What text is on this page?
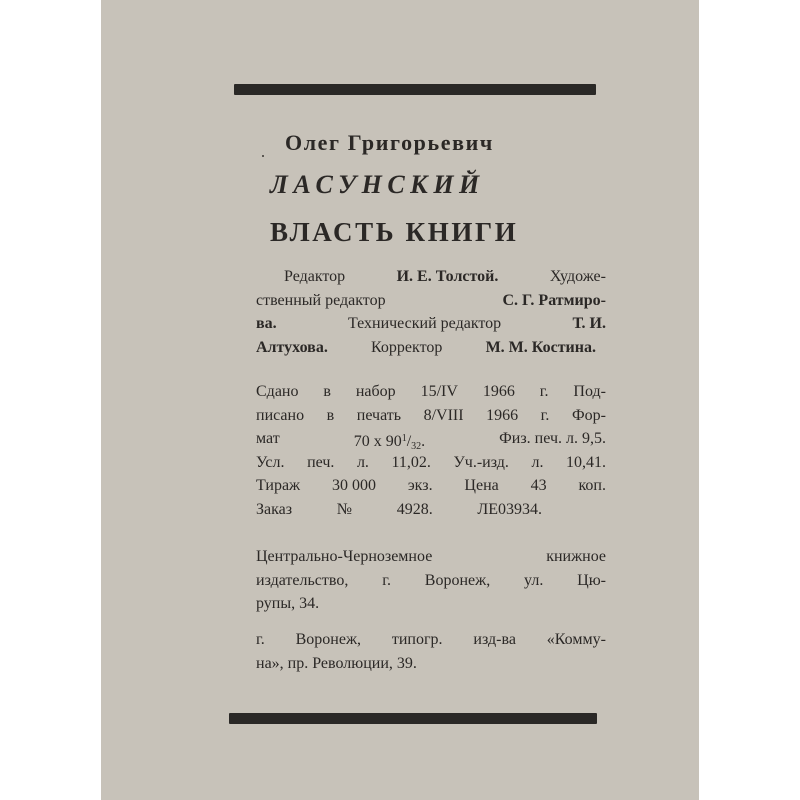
Олег Григорьевич
ЛАСУНСКИЙ
ВЛАСТЬ КНИГИ
Редактор	И. Е. Толстой.	Художе-
ственный редактор	С. Г. Ратмиро-
ва.	Технический редактор	Т. И.
Алтухова.	Корректор	М. М. Костина.
Сдано в набор 15/IV 1966 г. Под-
писано в печать 8/VIII 1966 г. Фор-
мат	70 x $90^1/_{32}$.	Физ. печ. л. 9,5.
Усл. печ. л. 11,02. Уч.-изд. л. 10,41.
Тираж 30 000 экз. Цена 43 коп.
Заказ	№	4928.	ЛЕ03934.
Центрально-Черноземное	книжное
издательство, г. Воронеж, ул. Цю-
рупы, 34.
г. Воронеж, типогр. изд-ва «Комму-
на», пр. Революции, 39.
